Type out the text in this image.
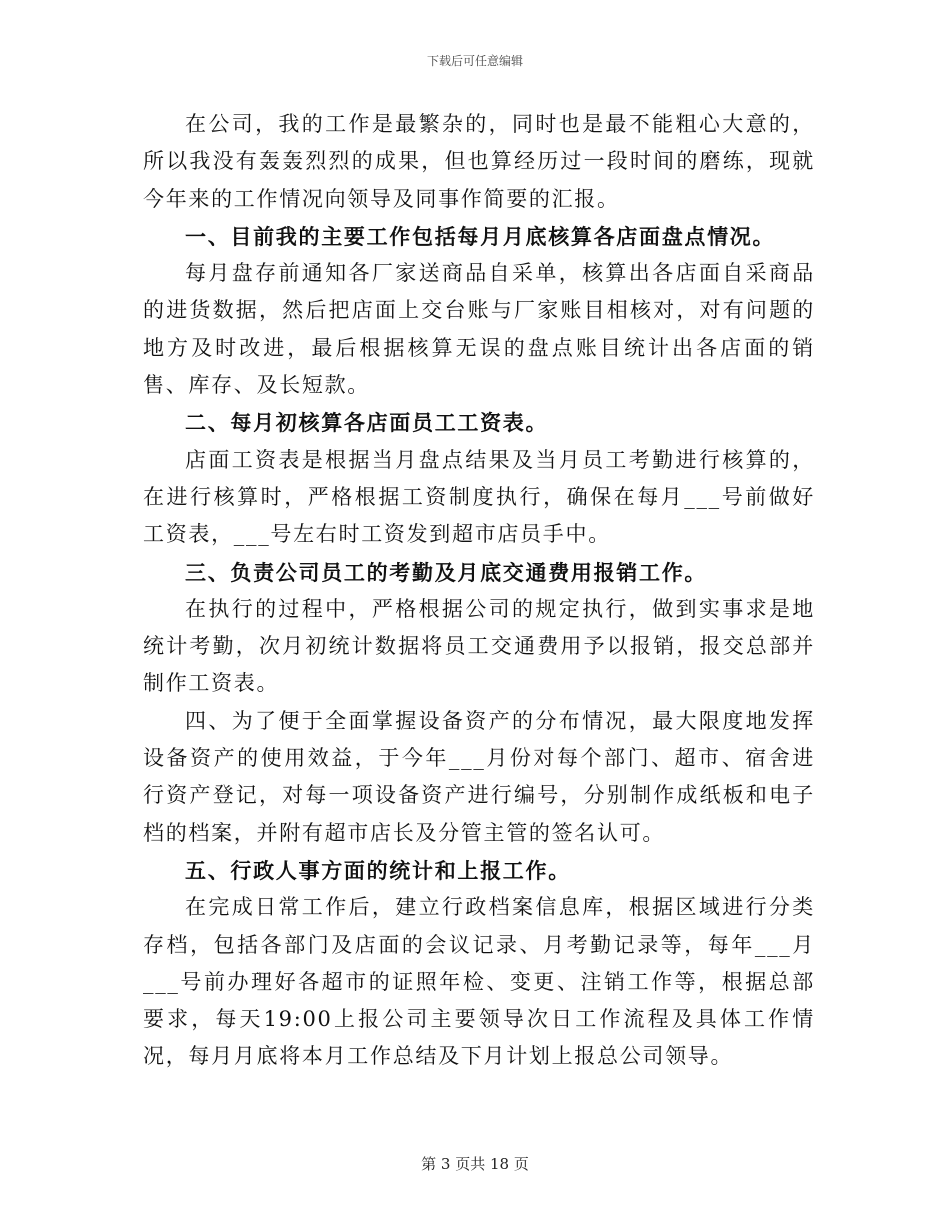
下载后可任意编辑

在公司，我的工作是最繁杂的，同时也是最不能粗心大意的，所以我没有轰轰烈烈的成果，但也算经历过一段时间的磨练，现就今年来的工作情况向领导及同事作简要的汇报。

一、目前我的主要工作包括每月月底核算各店面盘点情况。

每月盘存前通知各厂家送商品自采单，核算出各店面自采商品的进货数据，然后把店面上交台账与厂家账目相核对，对有问题的地方及时改进，最后根据核算无误的盘点账目统计出各店面的销售、库存、及长短款。

二、每月初核算各店面员工工资表。

店面工资表是根据当月盘点结果及当月员工考勤进行核算的，在进行核算时，严格根据工资制度执行，确保在每月___号前做好工资表，___号左右时工资发到超市店员手中。

三、负责公司员工的考勤及月底交通费用报销工作。

在执行的过程中，严格根据公司的规定执行，做到实事求是地统计考勤，次月初统计数据将员工交通费用予以报销，报交总部并制作工资表。

四、为了便于全面掌握设备资产的分布情况，最大限度地发挥设备资产的使用效益，于今年___月份对每个部门、超市、宿舍进行资产登记，对每一项设备资产进行编号，分别制作成纸板和电子档的档案，并附有超市店长及分管主管的签名认可。

五、行政人事方面的统计和上报工作。

在完成日常工作后，建立行政档案信息库，根据区域进行分类存档，包括各部门及店面的会议记录、月考勤记录等，每年___月___号前办理好各超市的证照年检、变更、注销工作等，根据总部要求，每天19:00上报公司主要领导次日工作流程及具体工作情况，每月月底将本月工作总结及下月计划上报总公司领导。

第 3 页共 18 页
